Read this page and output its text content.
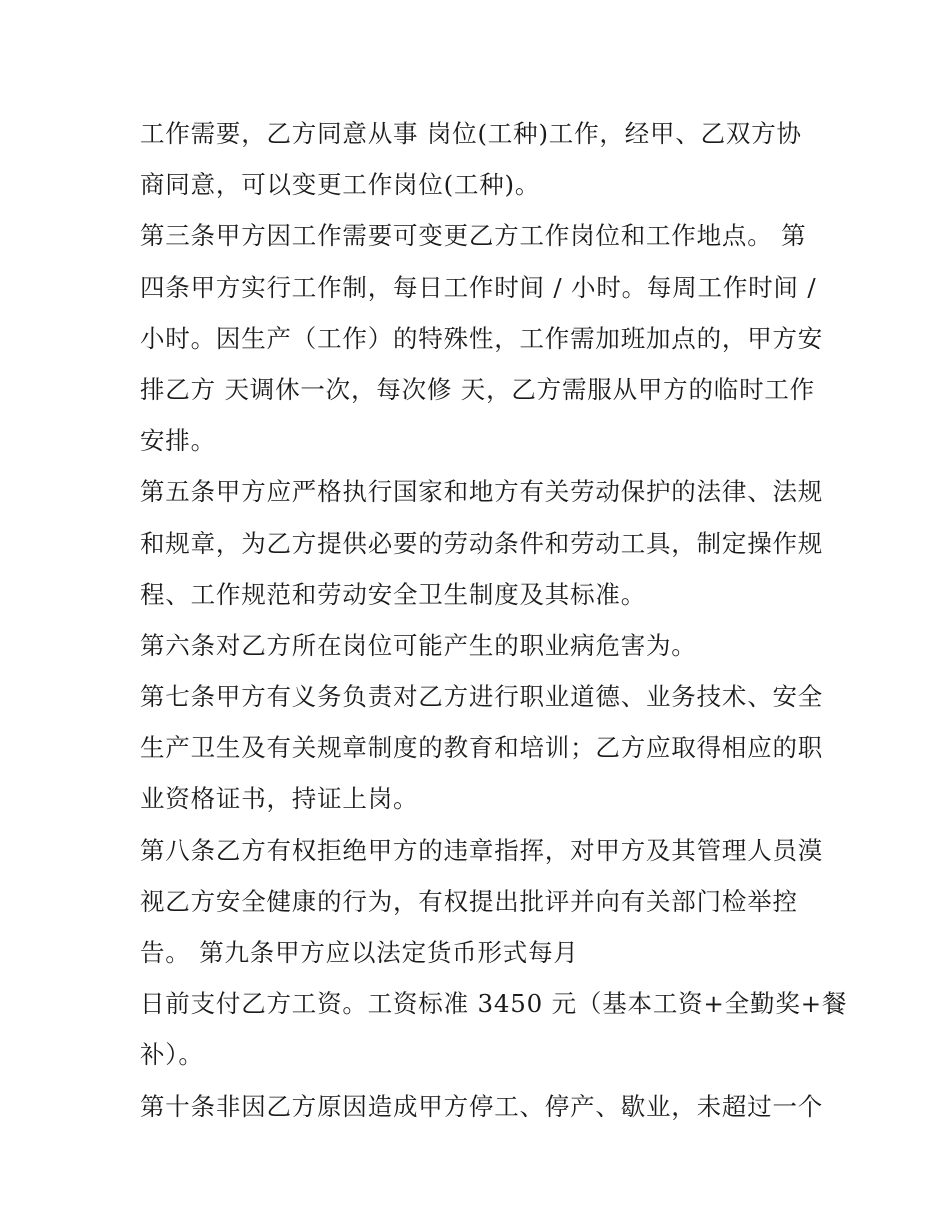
工作需要，乙方同意从事 岗位(工种)工作，经甲、乙双方协
商同意，可以变更工作岗位(工种)。
第三条甲方因工作需要可变更乙方工作岗位和工作地点。 第
四条甲方实行工作制，每日工作时间 / 小时。每周工作时间 /
小时。因生产（工作）的特殊性，工作需加班加点的，甲方安
排乙方 天调休一次，每次修 天，乙方需服从甲方的临时工作
安排。
第五条甲方应严格执行国家和地方有关劳动保护的法律、法规
和规章，为乙方提供必要的劳动条件和劳动工具，制定操作规
程、工作规范和劳动安全卫生制度及其标准。
第六条对乙方所在岗位可能产生的职业病危害为。
第七条甲方有义务负责对乙方进行职业道德、业务技术、安全
生产卫生及有关规章制度的教育和培训；乙方应取得相应的职
业资格证书，持证上岗。
第八条乙方有权拒绝甲方的违章指挥，对甲方及其管理人员漠
视乙方安全健康的行为，有权提出批评并向有关部门检举控
告。 第九条甲方应以法定货币形式每月
日前支付乙方工资。工资标准 3450 元（基本工资+全勤奖+餐
补）。
第十条非因乙方原因造成甲方停工、停产、歇业，未超过一个
